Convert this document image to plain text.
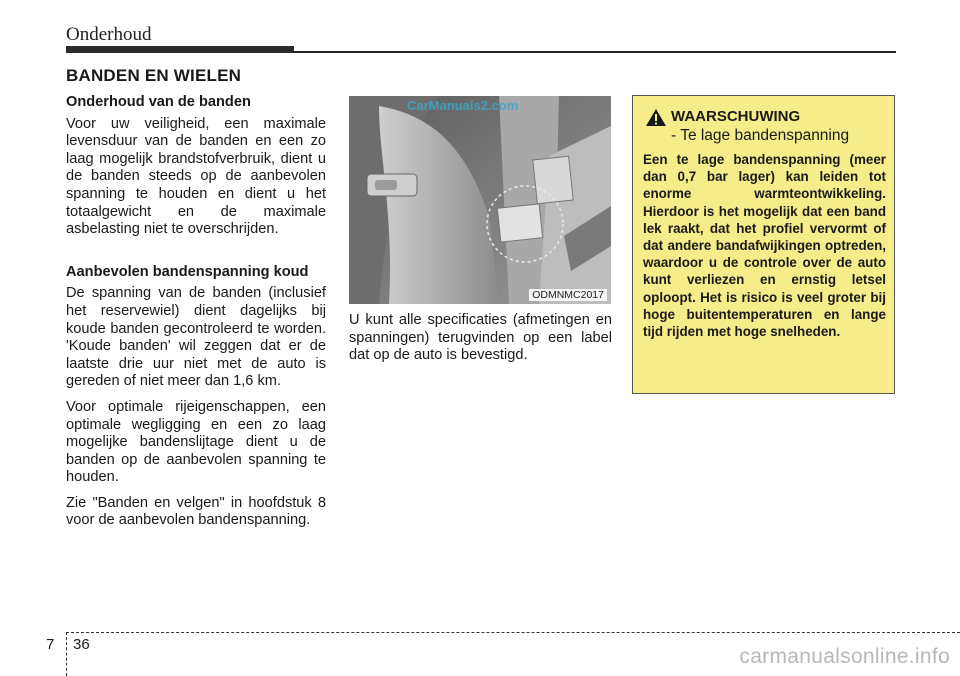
Onderhoud
BANDEN EN WIELEN
Onderhoud van de banden

Voor uw veiligheid, een maximale levensduur van de banden en een zo laag mogelijk brandstofverbruik, dient u de banden steeds op de aanbevolen spanning te houden en dient u het totaalgewicht en de maximale asbelasting niet te overschrijden.

Aanbevolen bandenspanning koud

De spanning van de banden (inclusief het reservewiel) dient dagelijks bij koude banden gecontroleerd te worden. 'Koude banden' wil zeggen dat er de laatste drie uur niet met de auto is gereden of niet meer dan 1,6 km.

Voor optimale rijeigenschappen, een optimale wegligging en een zo laag mogelijke bandenslijtage dient u de banden op de aanbevolen spanning te houden.

Zie "Banden en velgen" in hoofdstuk 8 voor de aanbevolen bandenspanning.

CarManuals2.com
ODMNMC2017

U kunt alle specificaties (afmetingen en spanningen) terugvinden op een label dat op de auto is bevestigd.

WAARSCHUWING
- Te lage bandenspanning
Een te lage bandenspanning (meer dan 0,7 bar lager) kan leiden tot enorme warmteontwikkeling. Hierdoor is het mogelijk dat een band lek raakt, dat het profiel vervormt of dat andere bandafwijkingen optreden, waardoor u de controle over de auto kunt verliezen en ernstig letsel oploopt. Het is risico is veel groter bij hoge buitentemperaturen en lange tijd rijden met hoge snelheden.
7 36
carmanualsonline.info
